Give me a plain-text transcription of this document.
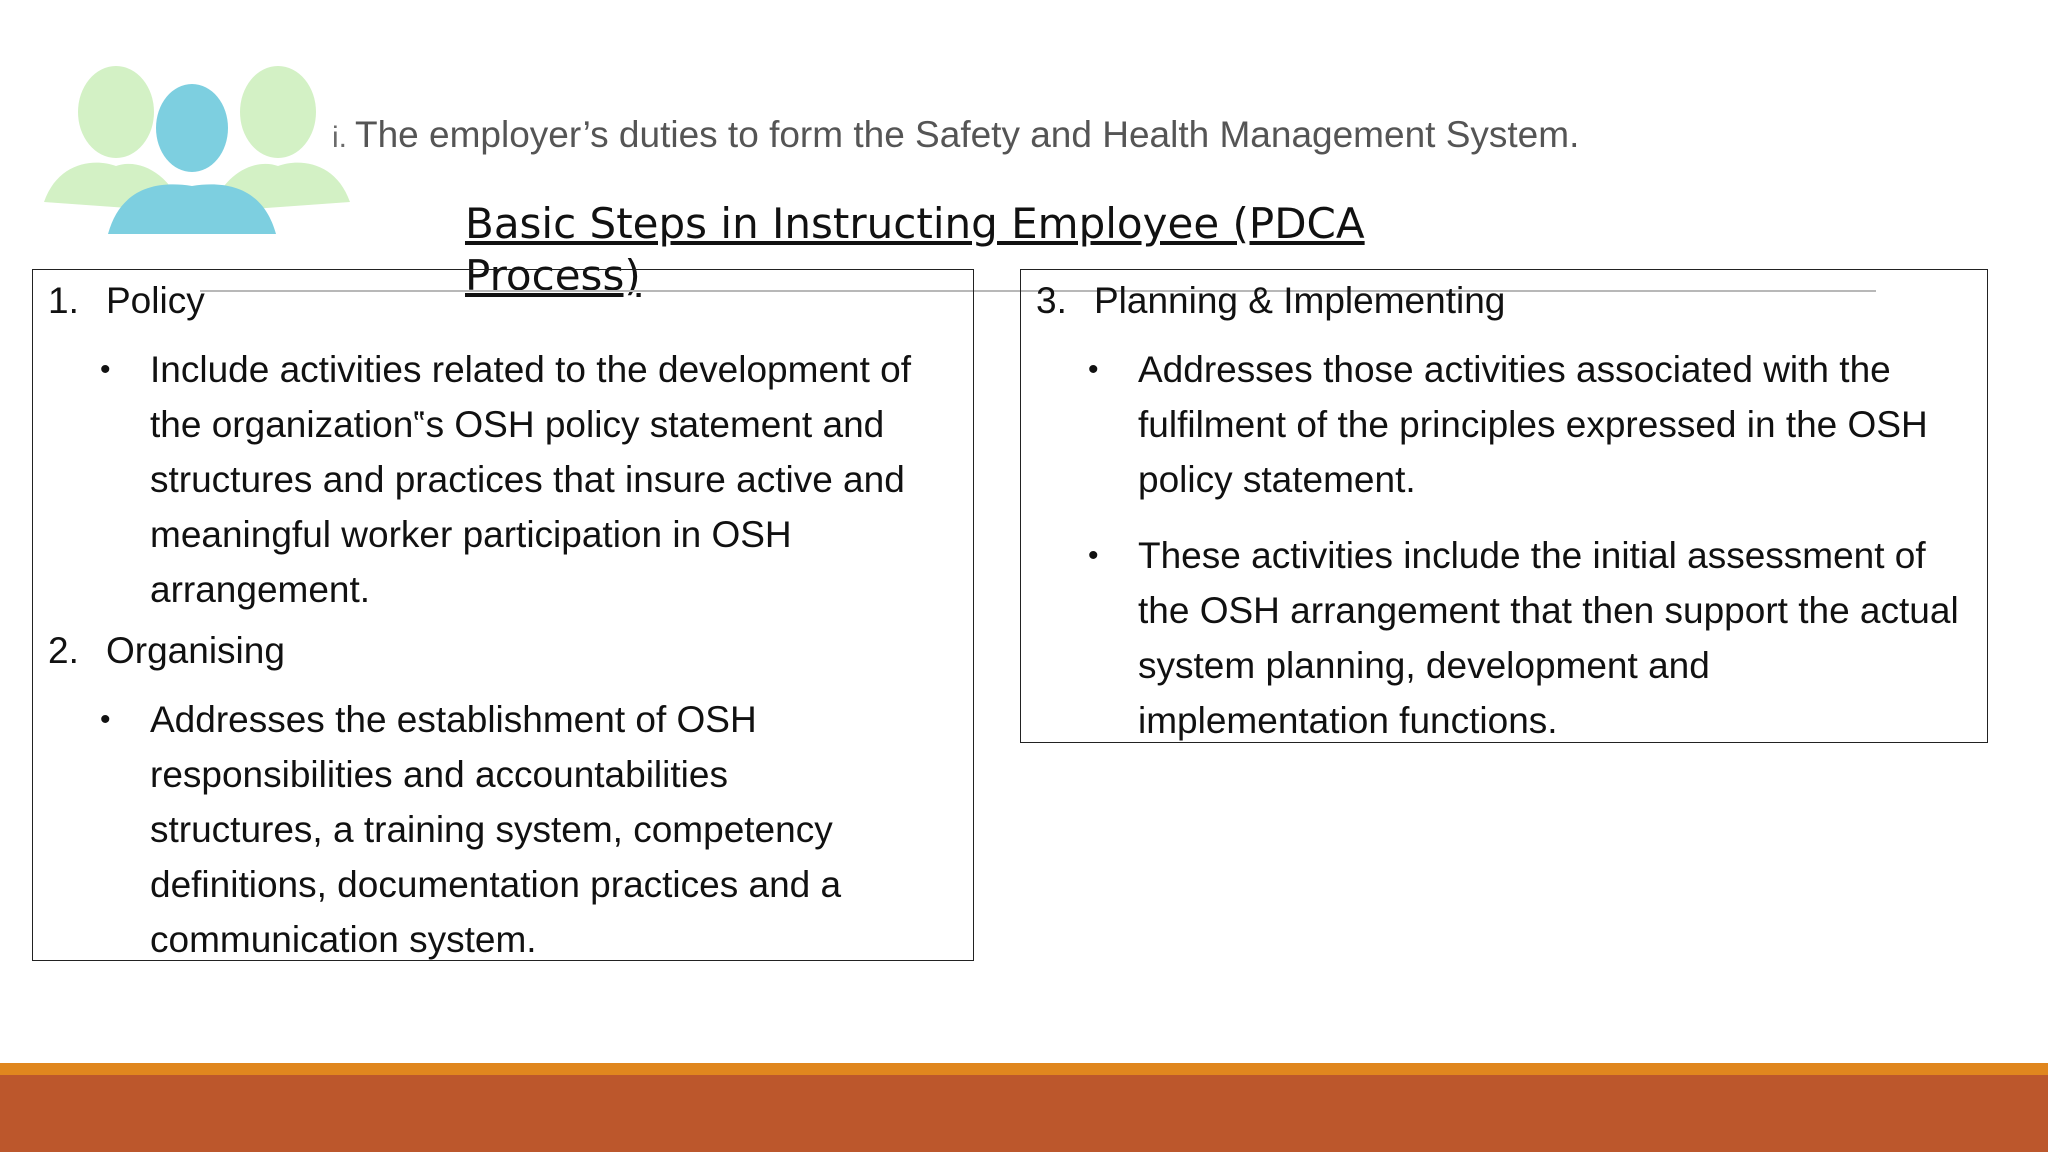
i. The employer’s duties to form the Safety and Health Management System.
Basic Steps in Instructing Employee (PDCA Process)
1. Policy
• Include activities related to the development of the organization‟s OSH policy statement and structures and practices that insure active and meaningful worker participation in OSH arrangement.
2. Organising
• Addresses the establishment of OSH responsibilities and accountabilities structures, a training system, competency definitions, documentation practices and a communication system.
3. Planning & Implementing
• Addresses those activities associated with the fulfilment of the principles expressed in the OSH policy statement.
• These activities include the initial assessment of the OSH arrangement that then support the actual system planning, development and implementation functions.
